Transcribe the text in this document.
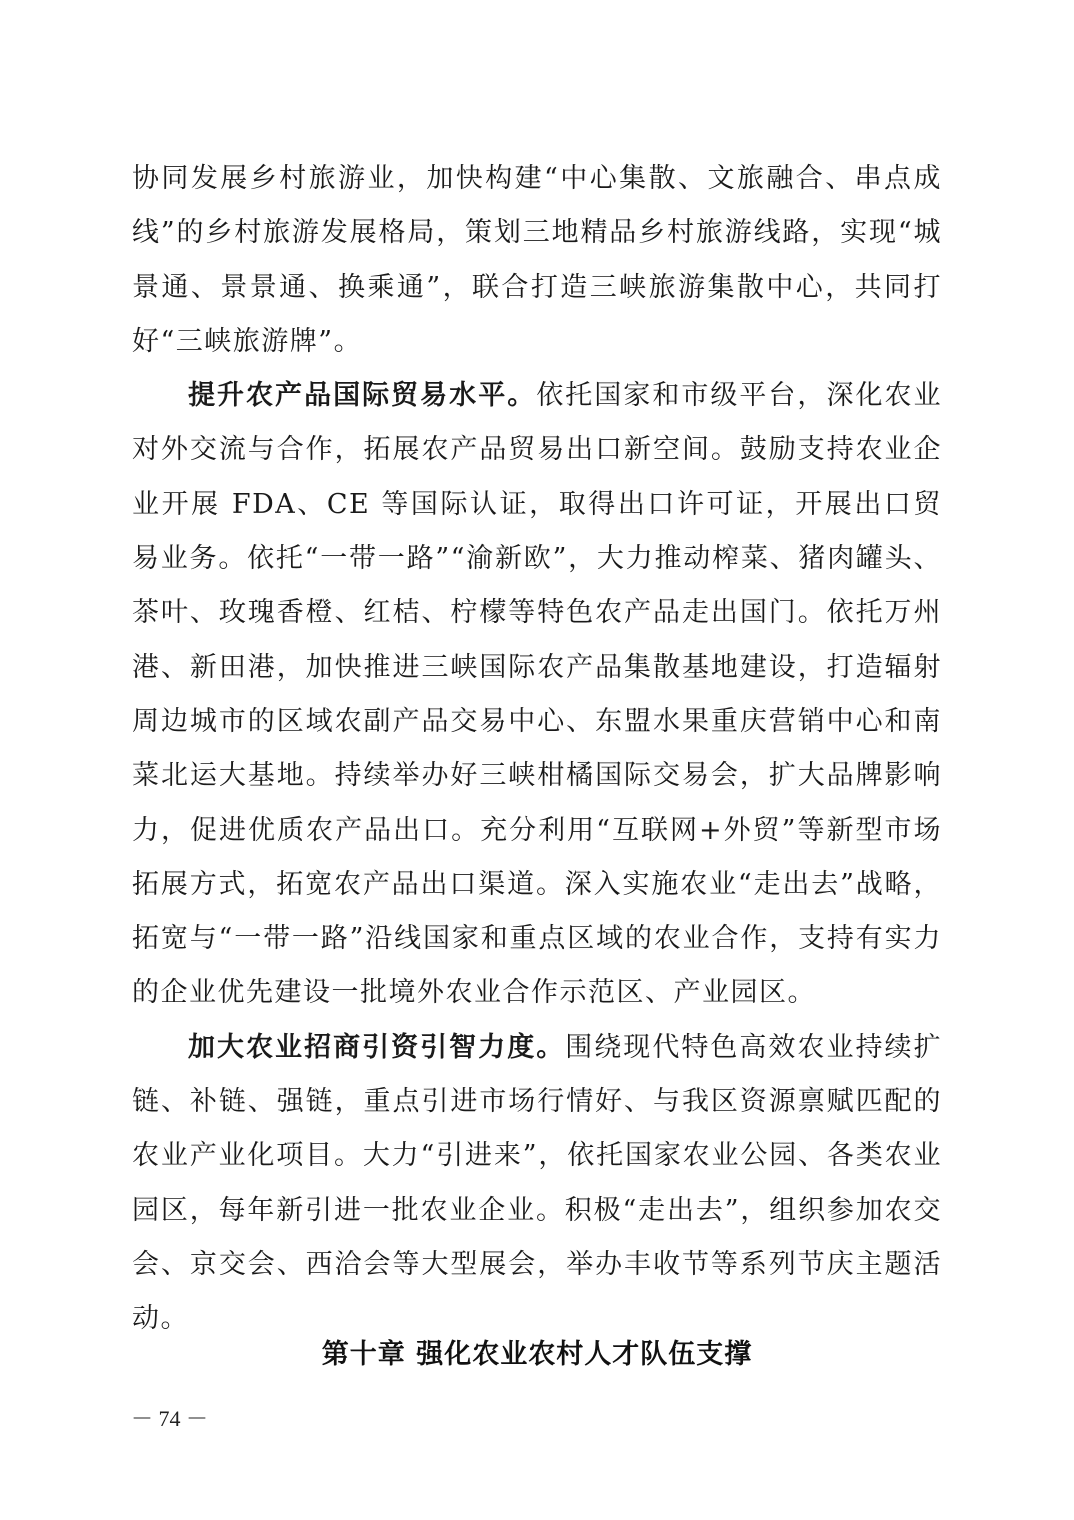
协同发展乡村旅游业，加快构建“中心集散、文旅融合、串点成线”的乡村旅游发展格局，策划三地精品乡村旅游线路，实现“城景通、景景通、换乘通”，联合打造三峡旅游集散中心，共同打好“三峡旅游牌”。

提升农产品国际贸易水平。依托国家和市级平台，深化农业对外交流与合作，拓展农产品贸易出口新空间。鼓励支持农业企业开展 FDA、CE 等国际认证，取得出口许可证，开展出口贸易业务。依托“一带一路”“渝新欧”，大力推动榨菜、猪肉罐头、茶叶、玫瑰香橙、红桔、柠檬等特色农产品走出国门。依托万州港、新田港，加快推进三峡国际农产品集散基地建设，打造辐射周边城市的区域农副产品交易中心、东盟水果重庆营销中心和南菜北运大基地。持续举办好三峡柑橘国际交易会，扩大品牌影响力，促进优质农产品出口。充分利用“互联网+外贸”等新型市场拓展方式，拓宽农产品出口渠道。深入实施农业“走出去”战略，拓宽与“一带一路”沿线国家和重点区域的农业合作，支持有实力的企业优先建设一批境外农业合作示范区、产业园区。

加大农业招商引资引智力度。围绕现代特色高效农业持续扩链、补链、强链，重点引进市场行情好、与我区资源禀赋匹配的农业产业化项目。大力“引进来”，依托国家农业公园、各类农业园区，每年新引进一批农业企业。积极“走出去”，组织参加农交会、京交会、西洽会等大型展会，举办丰收节等系列节庆主题活动。

第十章 强化农业农村人才队伍支撑
－ 74 －
